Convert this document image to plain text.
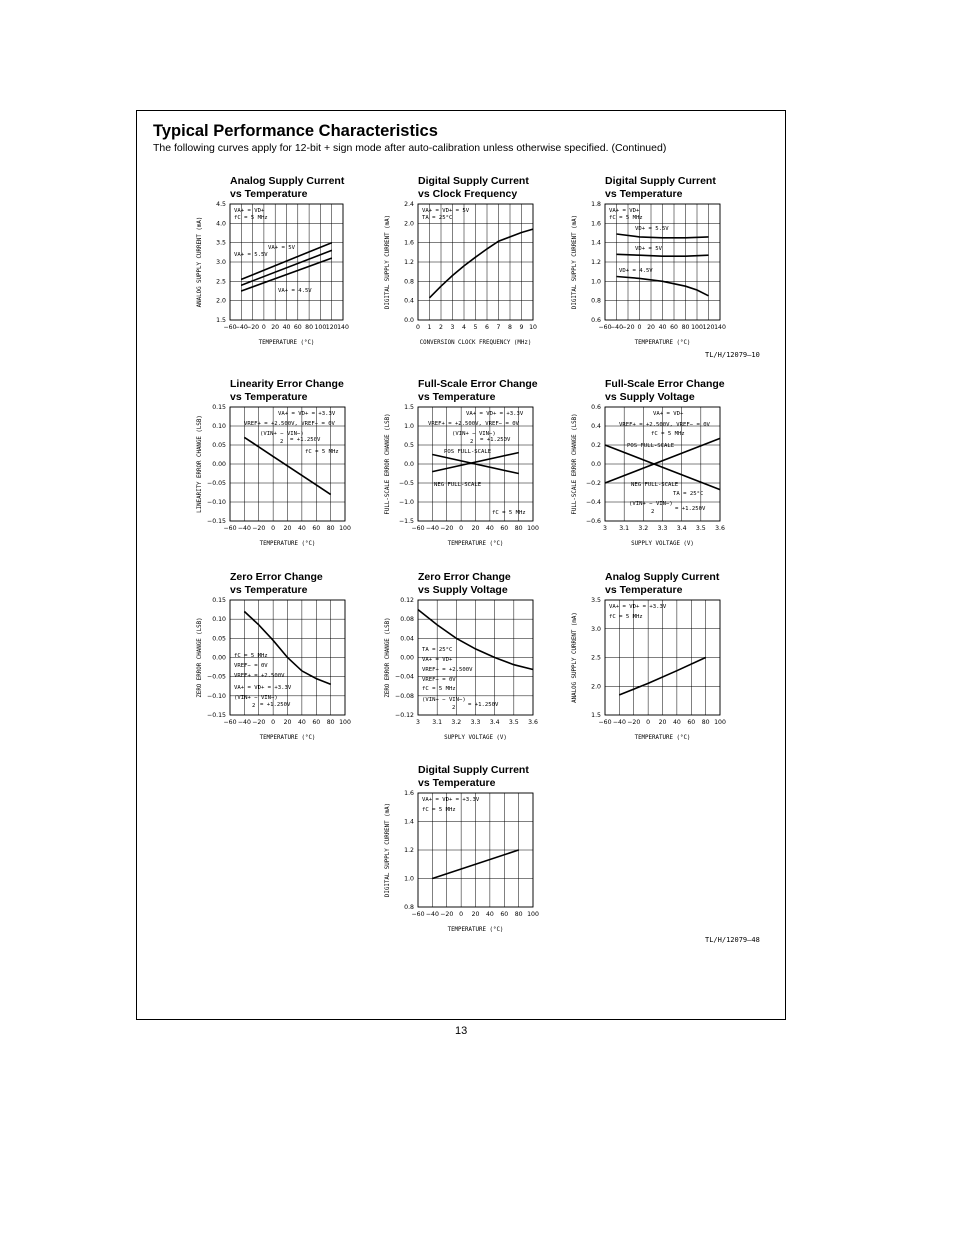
Typical Performance Characteristics
The following curves apply for 12-bit + sign mode after auto-calibration unless otherwise specified. (Continued)
TL/H/12079–10
TL/H/12079–48
13
Analog Supply Current
vs Temperature
−60
−40
−20 0 20 40 60 80 100 120 140
1.5
2.0
2.5
3.0
3.5
4.0
4.5
TEMPERATURE (°C)
ANALOG SUPPLY CURRENT (mA)
VA+ = VD+
fC = 5 MHz
VA+ = 5.5V
VA+ = 5V
VA+ = 4.5V
Digital Supply Current
vs Clock Frequency
0 1 2 3 4 5 6 7 8 9 10
0.0
0.4
0.8
1.2
1.6
2.0
2.4
CONVERSION CLOCK FREQUENCY (MHz)
DIGITAL SUPPLY CURRENT (mA)
VA+ = VD+ = 5V
TA = 25°C
Digital Supply Current
vs Temperature
−60
−40
−20 0 20 40 60 80 100 120 140
0.6
0.8
1.0
1.2
1.4
1.6
1.8
TEMPERATURE (°C)
DIGITAL SUPPLY CURRENT (mA)
VA+ = VD+
fC = 5 MHz
VD+ = 5.5V
VD+ = 5V
VD+ = 4.5V
Linearity Error Change
vs Temperature
−60 −40 −20 0 20 40 60 80 100
−0.15
−0.10
−0.05
0.00
0.05
0.10
0.15
TEMPERATURE (°C)
LINEARITY ERROR CHANGE (LSB)
VA+ = VD+ = +3.3V
VREF+ = +2.500V, VREF− = 0V
(VIN+ − VIN−)
2 = +1.250V
fC = 5 MHz
Full-Scale Error Change
vs Temperature
−60 −40 −20 0 20 40 60 80 100
−1.5
−1.0
−0.5
0.0
0.5
1.0
1.5
TEMPERATURE (°C)
FULL-SCALE ERROR CHANGE (LSB)	VA+ = VD+ = +3.3V
VREF+ = +2.500V, VREF− = 0V
(VIN+ − VIN−)
2 = +1.250V
POS FULL-SCALE
NEG FULL-SCALE
fC = 5 MHz
Full-Scale Error Change
vs Supply Voltage
3 3.1 3.2 3.3 3.4 3.5 3.6
−0.6
−0.4
−0.2
0.0
0.2
0.4
0.6
SUPPLY VOLTAGE (V)
FULL-SCALE ERROR CHANGE (LSB)	VA+ = VD+
VREF+ = +2.500V, VREF− = 0V
fC = 5 MHz
POS FULL-SCALE
NEG FULL-SCALE
TA = 25°C
(VIN+ − VIN−)
2	= +1.250V
Zero Error Change
vs Temperature
−60 −40 −20 0 20 40 60 80 100
−0.15
−0.10
−0.05
0.00
0.05
0.10
0.15
TEMPERATURE (°C)
ZERO ERROR CHANGE (LSB)	fC = 5 MHz
VREF− = 0V
VREF+ = +2.500V
VA+ = VD+ = +3.3V
(VIN+ − VIN−)
2 = +1.250V
Zero Error Change
vs Supply Voltage
3 3.1 3.2 3.3 3.4 3.5 3.6
−0.12
−0.08
−0.04
0.00
0.04
0.08
0.12
SUPPLY VOLTAGE (V)
ZERO ERROR CHANGE (LSB)	TA = 25°C
VA+ = VD+
VREF+ = +2.500V
VREF− = 0V
fC = 5 MHz
(VIN+ − VIN−)
2 = +1.250V
Analog Supply Current
vs Temperature
−60 −40 −20 0 20 40 60 80 100
1.5
2.0
2.5
3.0
3.5
TEMPERATURE (°C)
ANALOG SUPPLY CURRENT (mA)
VA+ = VD+ = +3.3V
fC = 5 MHz
Digital Supply Current
vs Temperature
−60 −40 −20 0 20 40 60 80 100
0.8
1.0
1.2
1.4
1.6
TEMPERATURE (°C)
DIGITAL SUPPLY CURRENT (mA)
VA+ = VD+ = +3.3V
fC = 5 MHz
